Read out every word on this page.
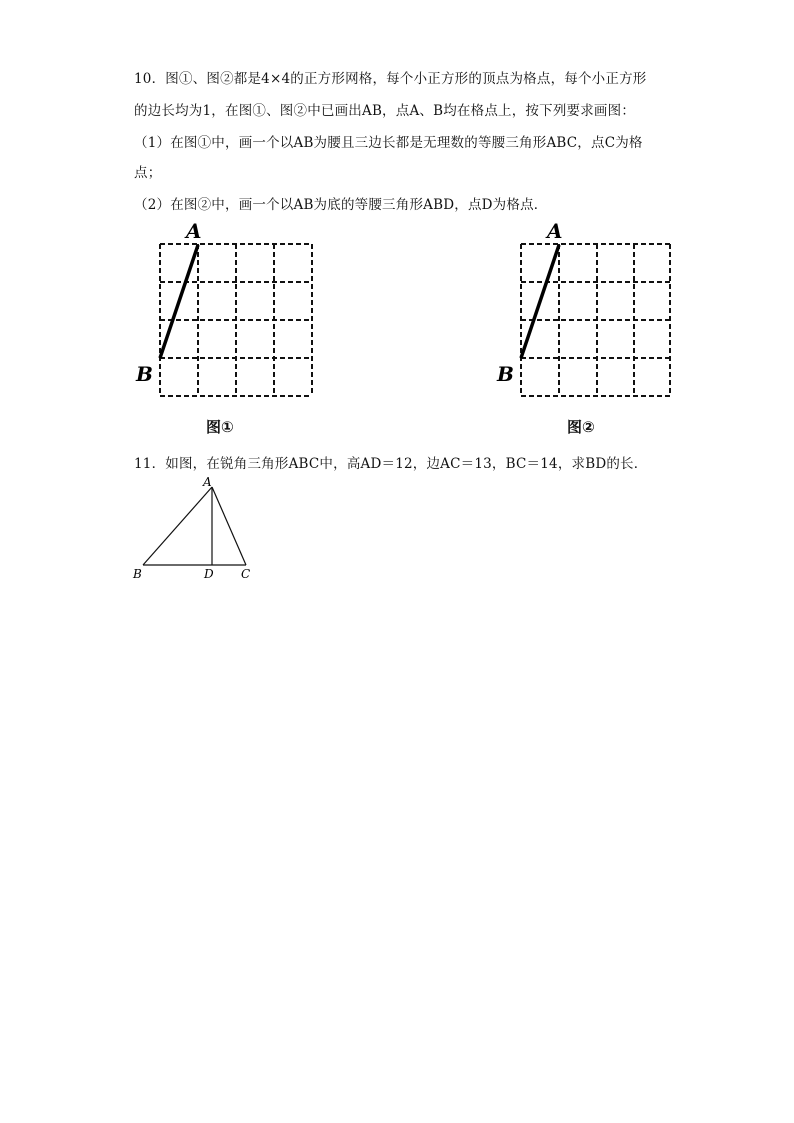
10．图①、图②都是4×4的正方形网格，每个小正方形的顶点为格点，每个小正方形
的边长均为1，在图①、图②中已画出AB，点A、B均在格点上，按下列要求画图：
（1）在图①中，画一个以AB为腰且三边长都是无理数的等腰三角形ABC，点C为格
点；
（2）在图②中，画一个以AB为底的等腰三角形ABD，点D为格点．
A
B
A
B
A
B	D C
图①	图②
11．如图，在锐角三角形ABC中，高AD＝12，边AC＝13，BC＝14，求BD的长．
